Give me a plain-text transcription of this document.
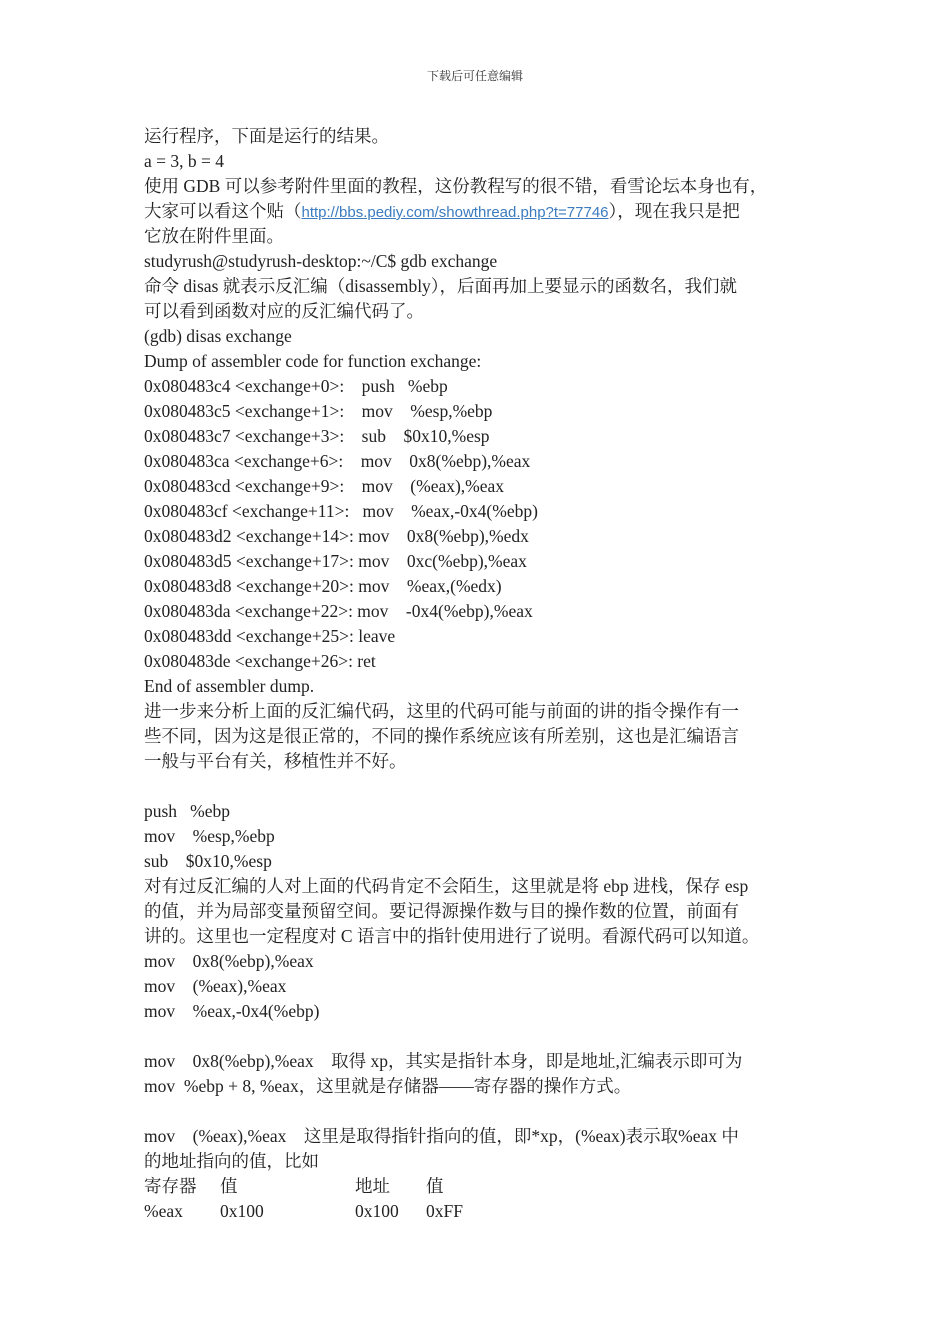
下载后可任意编辑
运行程序，下面是运行的结果。
a = 3, b = 4
使用 GDB 可以参考附件里面的教程，这份教程写的很不错，看雪论坛本身也有，
大家可以看这个贴（http://bbs.pediy.com/showthread.php?t=77746），现在我只是把
它放在附件里面。
studyrush@studyrush-desktop:~/C$ gdb exchange
命令 disas 就表示反汇编（disassembly），后面再加上要显示的函数名，我们就
可以看到函数对应的反汇编代码了。
(gdb) disas exchange
Dump of assembler code for function exchange:
0x080483c4 <exchange+0>:    push   %ebp
0x080483c5 <exchange+1>:    mov    %esp,%ebp
0x080483c7 <exchange+3>:    sub    $0x10,%esp
0x080483ca <exchange+6>:    mov    0x8(%ebp),%eax
0x080483cd <exchange+9>:    mov    (%eax),%eax
0x080483cf <exchange+11>:   mov    %eax,-0x4(%ebp)
0x080483d2 <exchange+14>: mov    0x8(%ebp),%edx
0x080483d5 <exchange+17>: mov    0xc(%ebp),%eax
0x080483d8 <exchange+20>: mov    %eax,(%edx)
0x080483da <exchange+22>: mov    -0x4(%ebp),%eax
0x080483dd <exchange+25>: leave
0x080483de <exchange+26>: ret
End of assembler dump.
进一步来分析上面的反汇编代码，这里的代码可能与前面的讲的指令操作有一
些不同，因为这是很正常的，不同的操作系统应该有所差别，这也是汇编语言
一般与平台有关，移植性并不好。
push   %ebp
mov    %esp,%ebp
sub    $0x10,%esp
对有过反汇编的人对上面的代码肯定不会陌生，这里就是将 ebp 进栈，保存 esp
的值，并为局部变量预留空间。要记得源操作数与目的操作数的位置，前面有
讲的。这里也一定程度对 C 语言中的指针使用进行了说明。看源代码可以知道。
mov    0x8(%ebp),%eax
mov    (%eax),%eax
mov    %eax,-0x4(%ebp)
mov    0x8(%ebp),%eax    取得 xp，其实是指针本身，即是地址,汇编表示即可为
mov  %ebp + 8, %eax，这里就是存储器——寄存器的操作方式。
mov    (%eax),%eax    这里是取得指针指向的值，即*xp，(%eax)表示取%eax 中
的地址指向的值，比如
寄存器	值	地址	值
%eax	0x100	0x100	0xFF
